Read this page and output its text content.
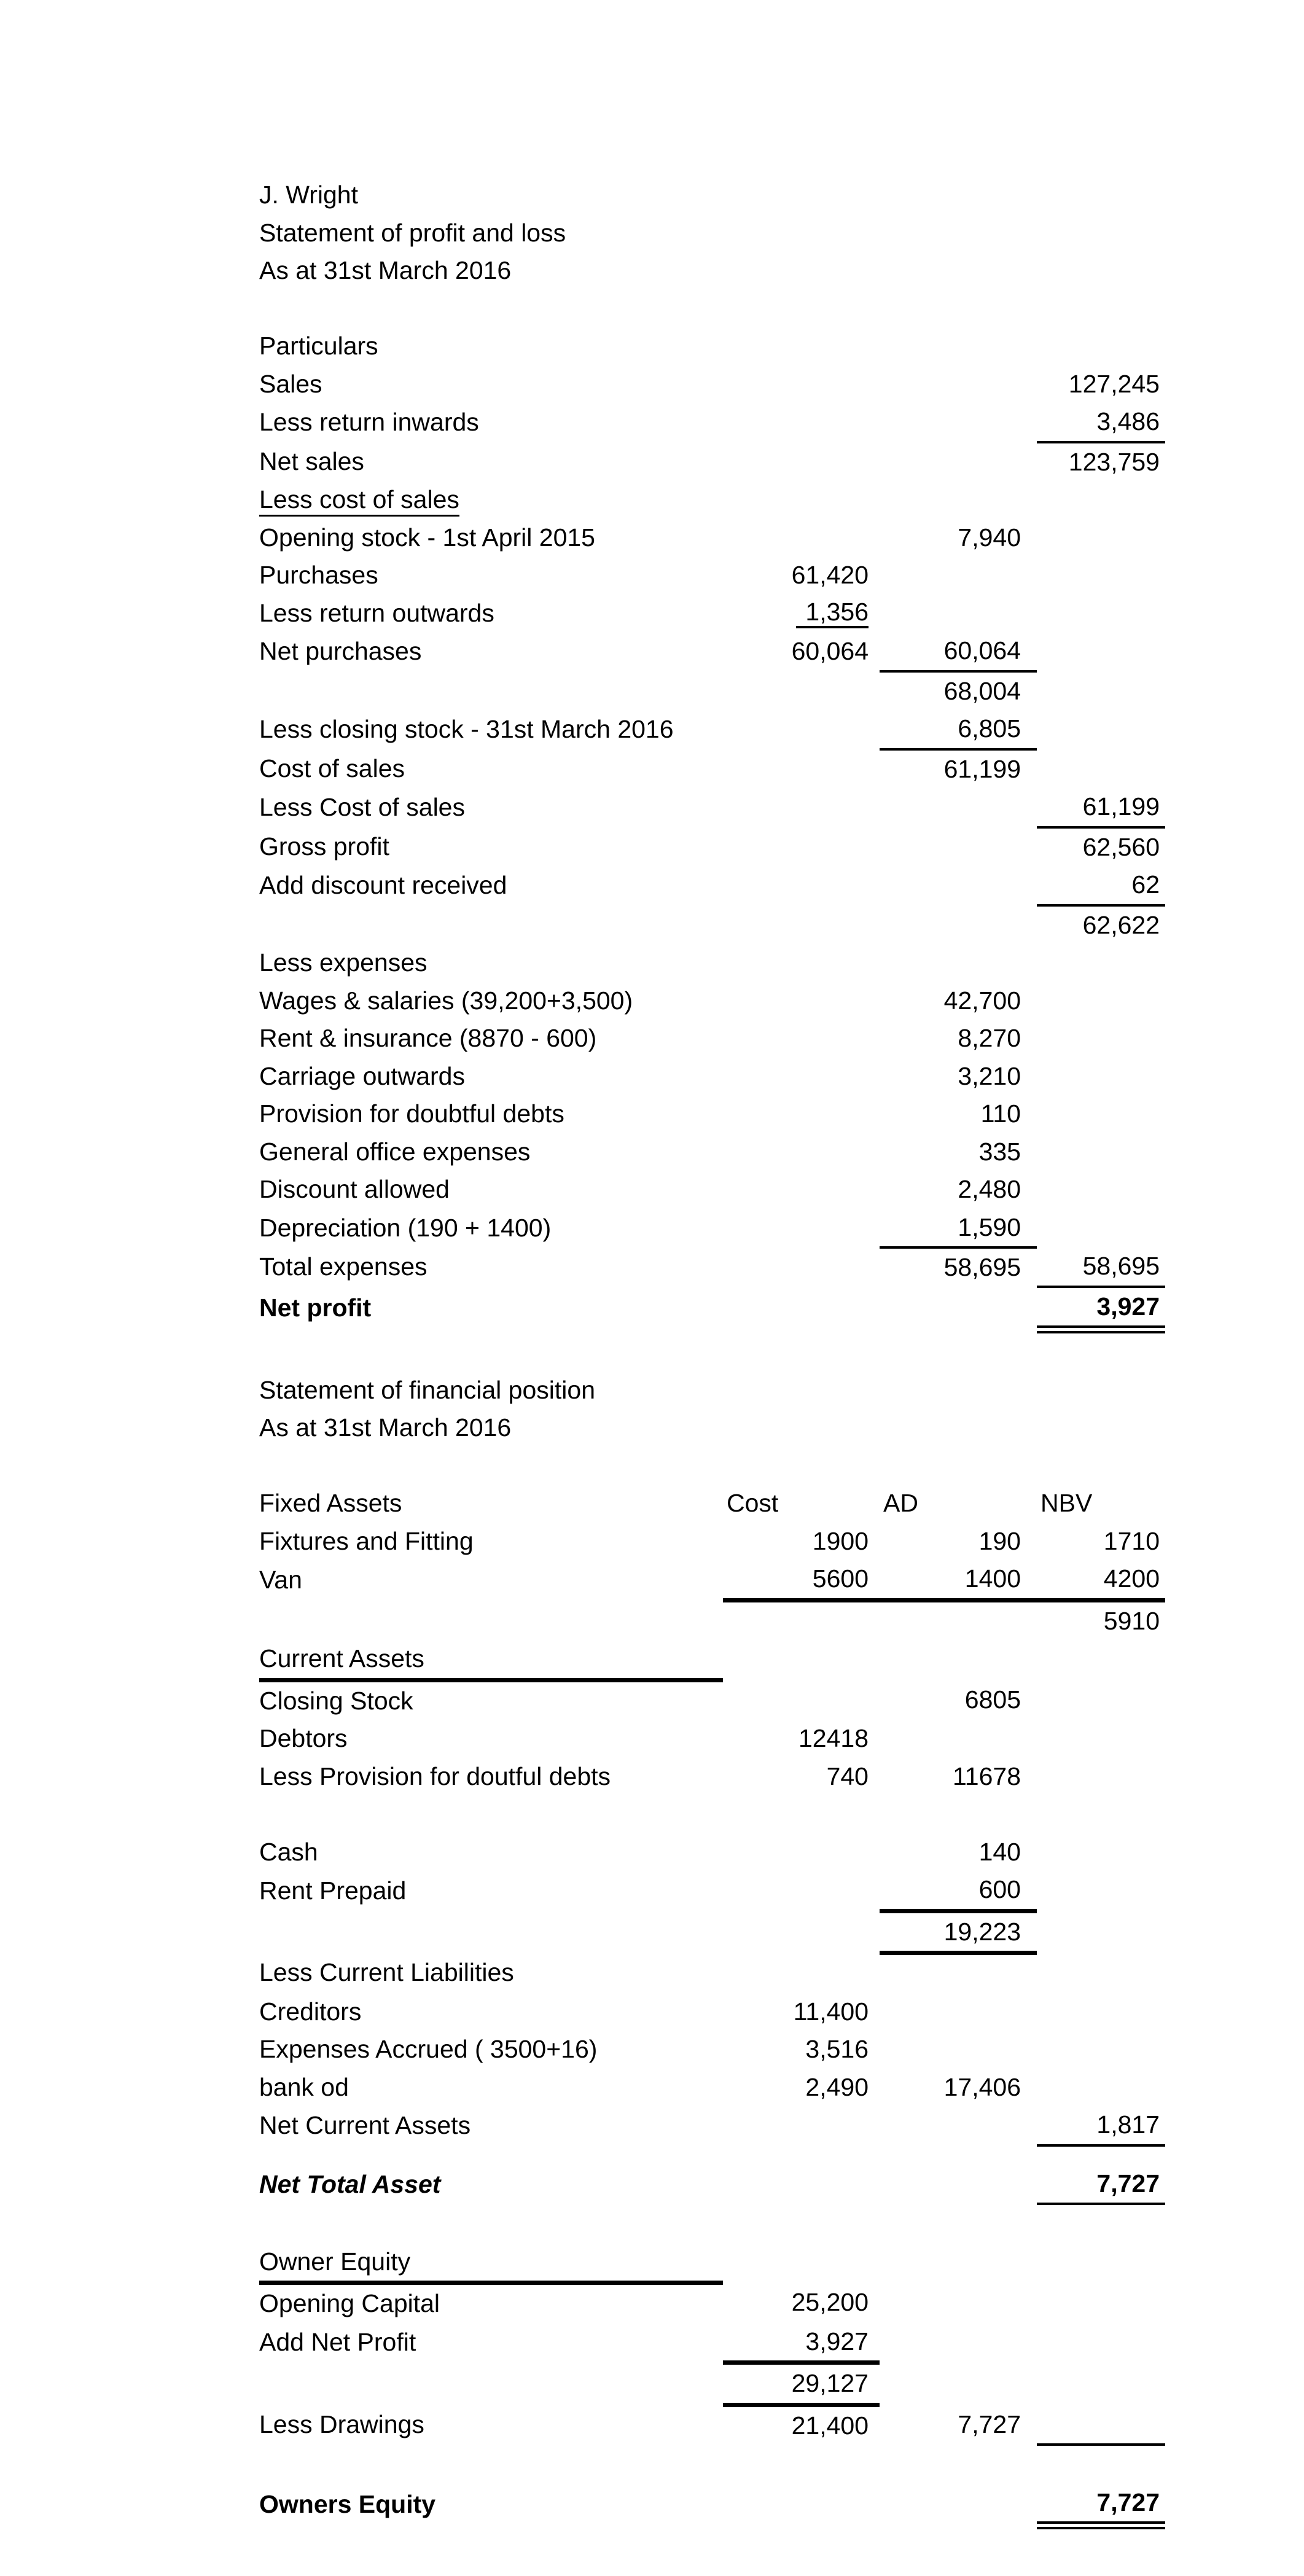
J. Wright			
Statement of profit and loss			
As at 31st March 2016			

Particulars			
Sales			127,245
Less return inwards			3,486
Net sales			123,759
Less cost of sales			
Opening stock - 1st April 2015		7,940	
Purchases	61,420		
Less return outwards	1,356		
Net purchases	60,064	60,064	
		68,004	
Less closing stock - 31st March 2016		6,805	
Cost of sales		61,199	
Less Cost of sales			61,199
Gross profit			62,560
Add discount received			62
			62,622
Less expenses			
Wages & salaries (39,200+3,500)		42,700	
Rent & insurance (8870 - 600)		8,270	
Carriage outwards		3,210	
Provision for doubtful debts		110	
General office expenses		335	
Discount allowed		2,480	
Depreciation (190 + 1400)		1,590	
Total expenses		58,695	58,695
Net profit			3,927

Statement of financial position			
As at 31st March 2016			

Fixed Assets	Cost	AD	NBV
Fixtures and Fitting	1900	190	1710
Van	5600	1400	4200
			5910
Current Assets			
Closing Stock		6805	
Debtors	12418		
Less Provision for doutful debts	740	11678	

Cash		140	
Rent Prepaid		600	
		19,223	
Less Current Liabilities			
Creditors	11,400		
Expenses Accrued ( 3500+16)	3,516		
bank od	2,490	17,406	
Net Current Assets			1,817

Net Total Asset			7,727

Owner Equity			
Opening Capital	25,200		
Add Net Profit	3,927		
	29,127		
Less Drawings	21,400	7,727	

Owners Equity			7,727
